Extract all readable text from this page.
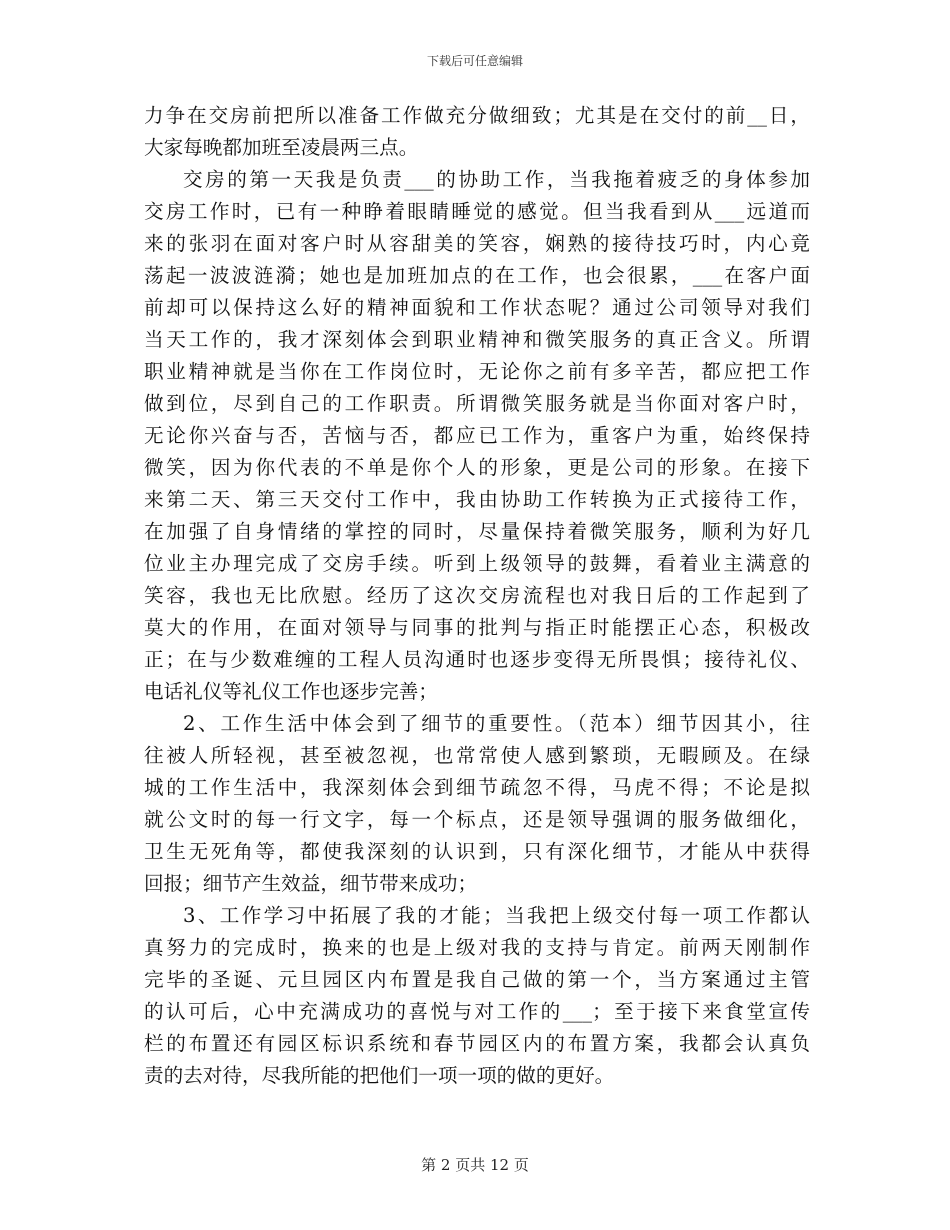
下载后可任意编辑
力争在交房前把所以准备工作做充分做细致；尤其是在交付的前__日，
大家每晚都加班至凌晨两三点。
交房的第一天我是负责___的协助工作，当我拖着疲乏的身体参加
交房工作时，已有一种睁着眼睛睡觉的感觉。但当我看到从___远道而
来的张羽在面对客户时从容甜美的笑容，娴熟的接待技巧时，内心竟
荡起一波波涟漪；她也是加班加点的在工作，也会很累，___在客户面
前却可以保持这么好的精神面貌和工作状态呢？通过公司领导对我们
当天工作的，我才深刻体会到职业精神和微笑服务的真正含义。所谓
职业精神就是当你在工作岗位时，无论你之前有多辛苦，都应把工作
做到位，尽到自己的工作职责。所谓微笑服务就是当你面对客户时，
无论你兴奋与否，苦恼与否，都应已工作为，重客户为重，始终保持
微笑，因为你代表的不单是你个人的形象，更是公司的形象。在接下
来第二天、第三天交付工作中，我由协助工作转换为正式接待工作，
在加强了自身情绪的掌控的同时，尽量保持着微笑服务，顺利为好几
位业主办理完成了交房手续。听到上级领导的鼓舞，看着业主满意的
笑容，我也无比欣慰。经历了这次交房流程也对我日后的工作起到了
莫大的作用，在面对领导与同事的批判与指正时能摆正心态，积极改
正；在与少数难缠的工程人员沟通时也逐步变得无所畏惧；接待礼仪、
电话礼仪等礼仪工作也逐步完善；
2、工作生活中体会到了细节的重要性。（范本）细节因其小，往
往被人所轻视，甚至被忽视，也常常使人感到繁琐，无暇顾及。在绿
城的工作生活中，我深刻体会到细节疏忽不得，马虎不得；不论是拟
就公文时的每一行文字，每一个标点，还是领导强调的服务做细化，
卫生无死角等，都使我深刻的认识到，只有深化细节，才能从中获得
回报；细节产生效益，细节带来成功；
3、工作学习中拓展了我的才能；当我把上级交付每一项工作都认
真努力的完成时，换来的也是上级对我的支持与肯定。前两天刚制作
完毕的圣诞、元旦园区内布置是我自己做的第一个，当方案通过主管
的认可后，心中充满成功的喜悦与对工作的___；至于接下来食堂宣传
栏的布置还有园区标识系统和春节园区内的布置方案，我都会认真负
责的去对待，尽我所能的把他们一项一项的做的更好。
第 2 页共 12 页
